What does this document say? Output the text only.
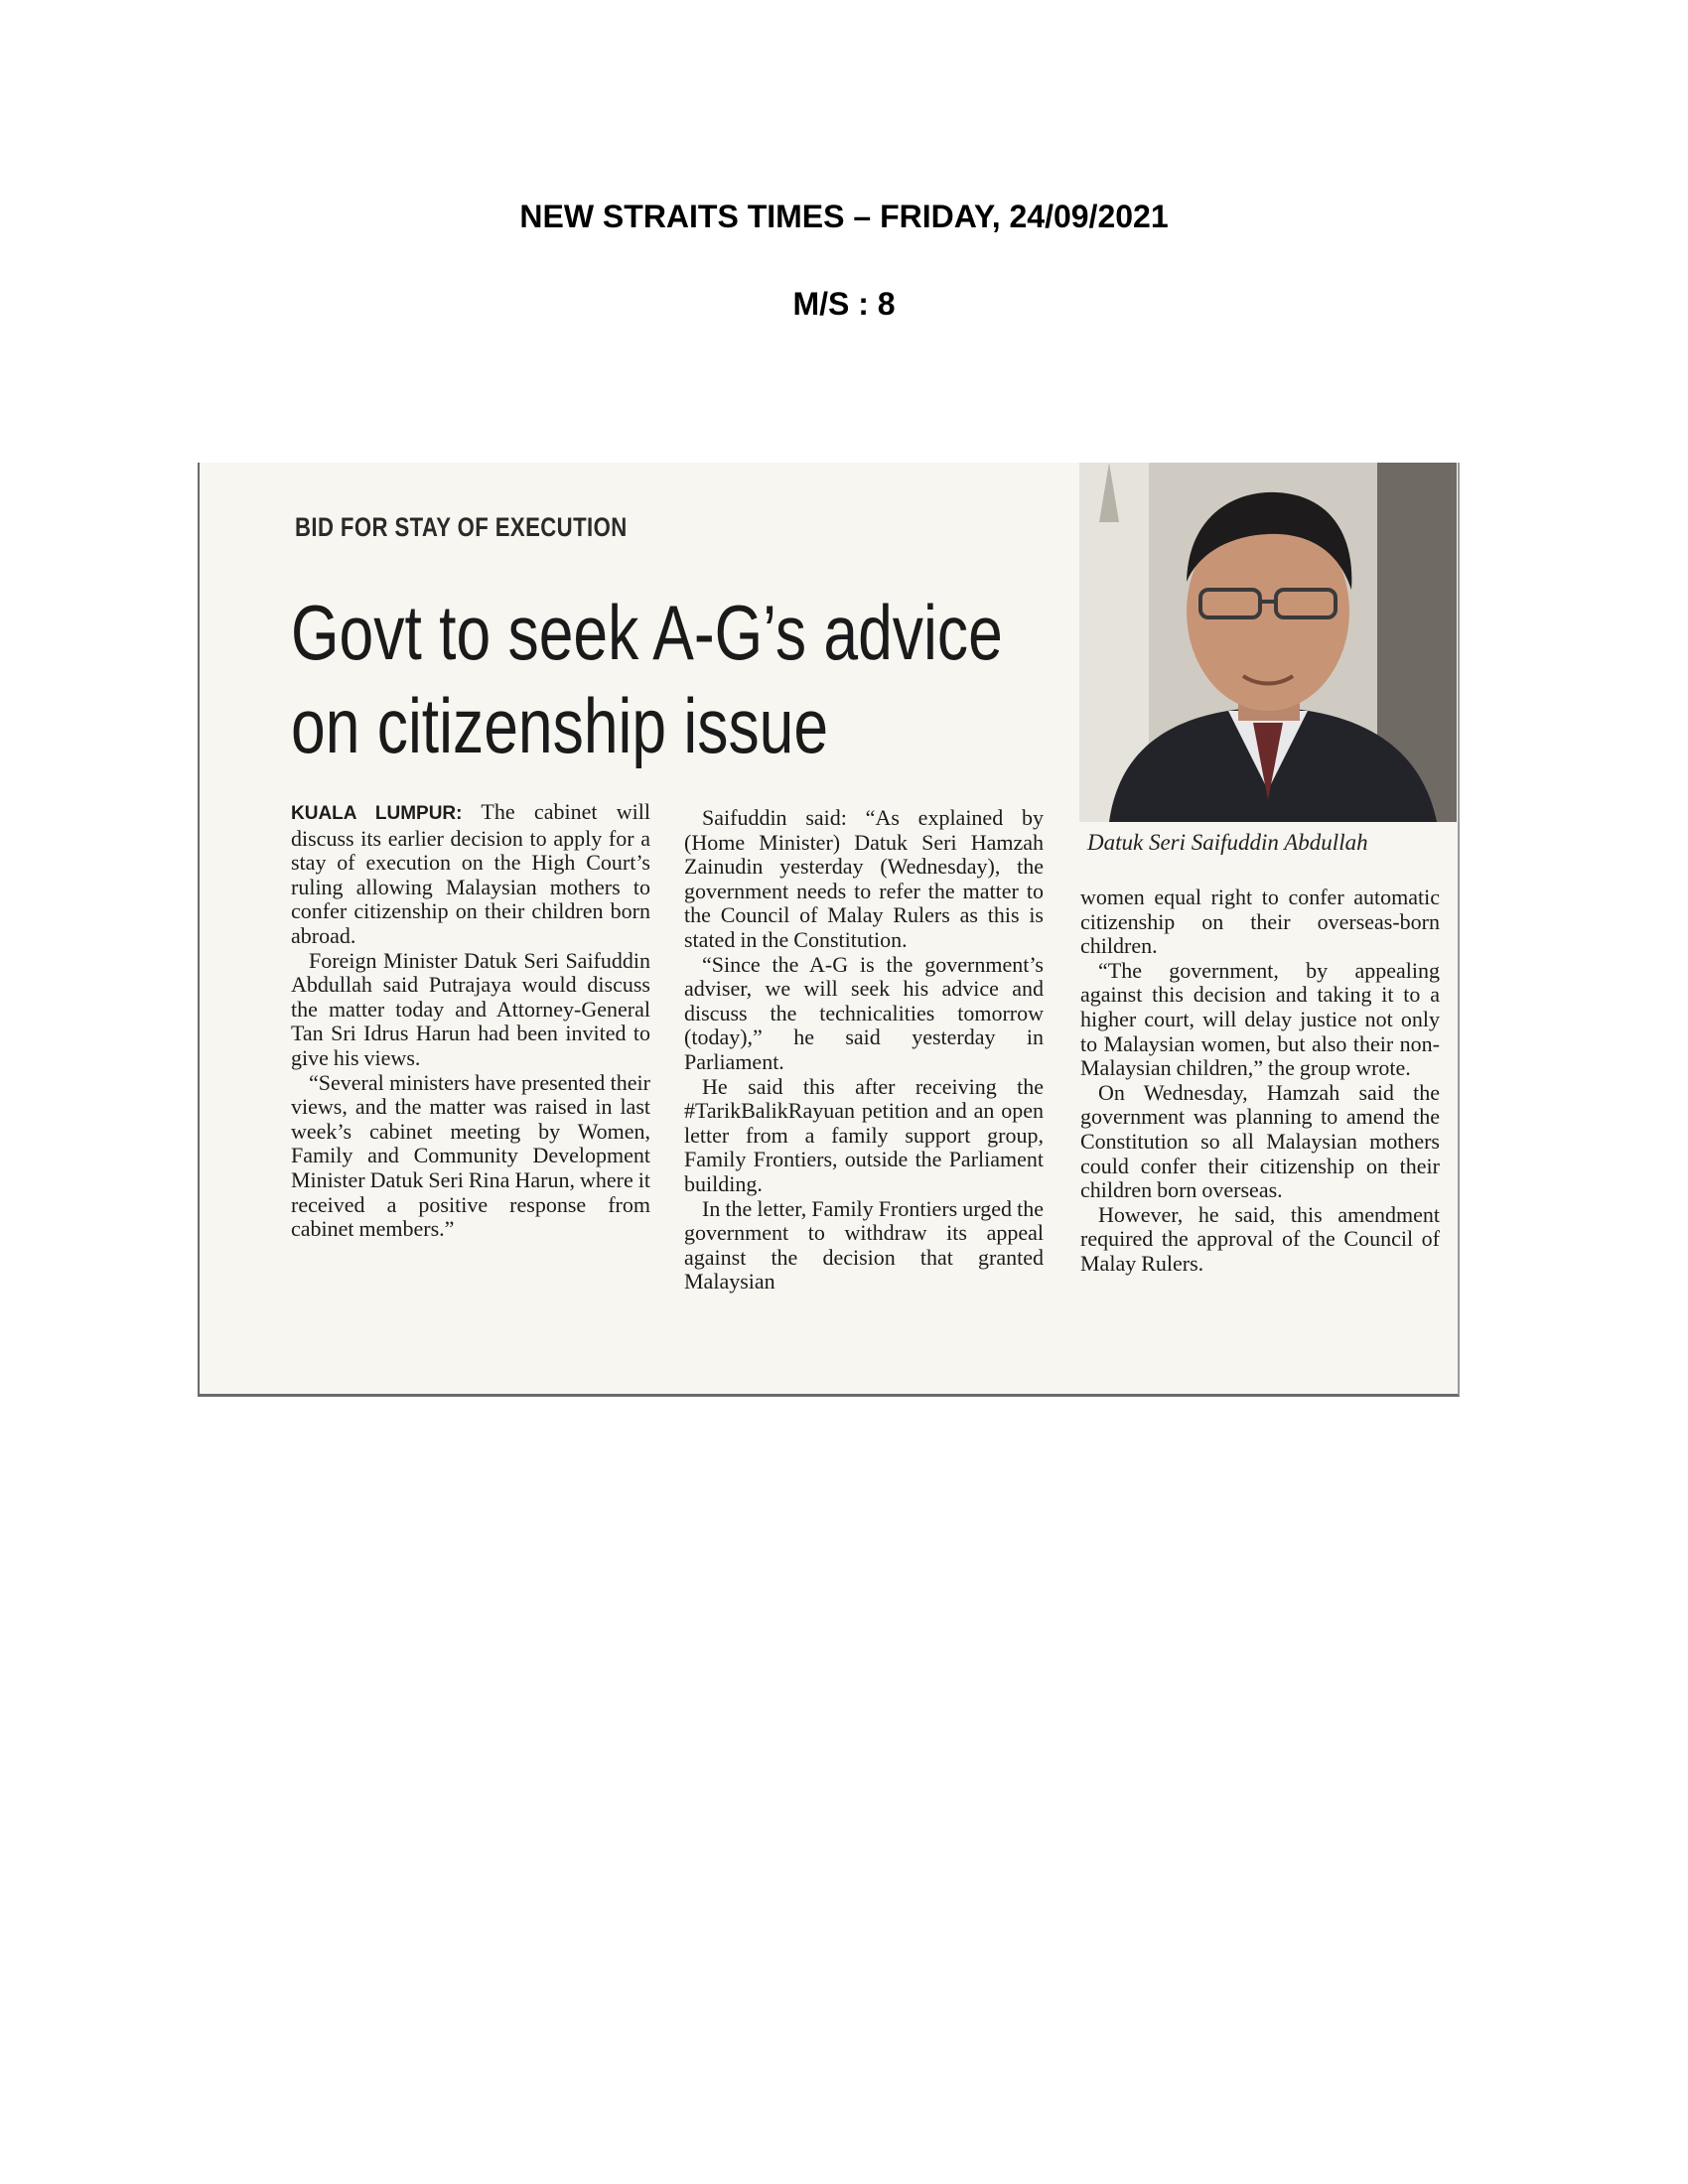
NEW STRAITS TIMES – FRIDAY, 24/09/2021
M/S : 8
BID FOR STAY OF EXECUTION
Govt to seek A-G’s advice
on citizenship issue
Datuk Seri Saifuddin Abdullah

KUALA LUMPUR: The cabinet will discuss its earlier decision to apply for a stay of execution on the High Court’s ruling allowing Malaysian mothers to confer citizenship on their children born abroad.

Foreign Minister Datuk Seri Saifuddin Abdullah said Putrajaya would discuss the matter today and Attorney-General Tan Sri Idrus Harun had been invited to give his views.

“Several ministers have presented their views, and the matter was raised in last week’s cabinet meeting by Women, Family and Community Development Minister Datuk Seri Rina Harun, where it received a positive response from cabinet members.”

Saifuddin said: “As explained by (Home Minister) Datuk Seri Hamzah Zainudin yesterday (Wednesday), the government needs to refer the matter to the Council of Malay Rulers as this is stated in the Constitution.

“Since the A-G is the government’s adviser, we will seek his advice and discuss the technicalities tomorrow (today),” he said yesterday in Parliament.

He said this after receiving the #TarikBalikRayuan petition and an open letter from a family support group, Family Frontiers, outside the Parliament building.

In the letter, Family Frontiers urged the government to withdraw its appeal against the decision that granted Malaysian

women equal right to confer automatic citizenship on their overseas-born children.

“The government, by appealing against this decision and taking it to a higher court, will delay justice not only to Malaysian women, but also their non-Malaysian children,” the group wrote.

On Wednesday, Hamzah said the government was planning to amend the Constitution so all Malaysian mothers could confer their citizenship on their children born overseas.

However, he said, this amendment required the approval of the Council of Malay Rulers.
